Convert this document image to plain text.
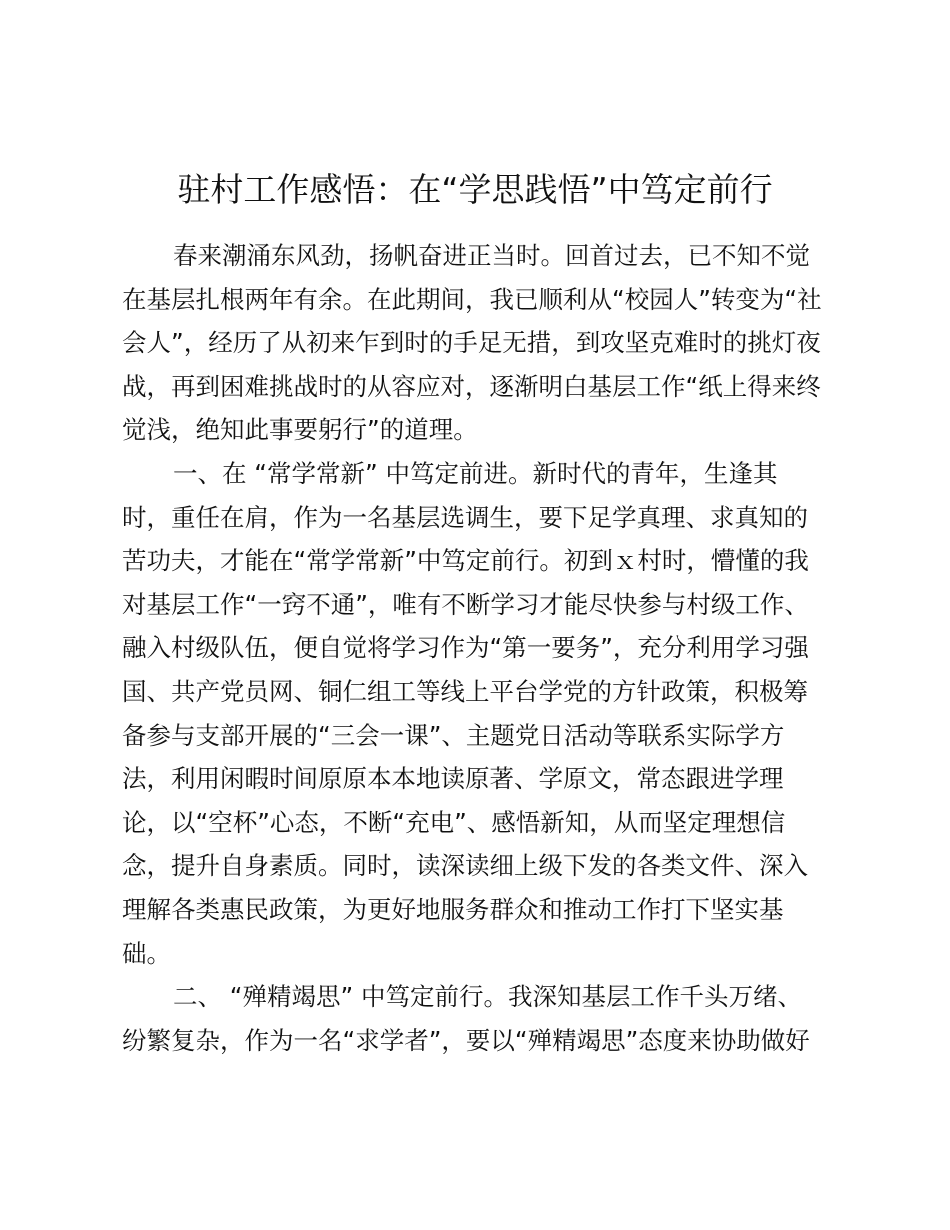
驻村工作感悟：在“学思践悟”中笃定前行
春来潮涌东风劲，扬帆奋进正当时。回首过去，已不知不觉
在基层扎根两年有余。在此期间，我已顺利从“校园人”转变为“社
会人”，经历了从初来乍到时的手足无措，到攻坚克难时的挑灯夜
战，再到困难挑战时的从容应对，逐渐明白基层工作“纸上得来终
觉浅，绝知此事要躬行”的道理。
一、在 “常学常新” 中笃定前进。新时代的青年，生逢其
时，重任在肩，作为一名基层选调生，要下足学真理、求真知的
苦功夫，才能在“常学常新”中笃定前行。初到ｘ村时，懵懂的我
对基层工作“一窍不通”，唯有不断学习才能尽快参与村级工作、
融入村级队伍，便自觉将学习作为“第一要务”，充分利用学习强
国、共产党员网、铜仁组工等线上平台学党的方针政策，积极筹
备参与支部开展的“三会一课”、主题党日活动等联系实际学方
法，利用闲暇时间原原本本地读原著、学原文，常态跟进学理
论，以“空杯”心态，不断“充电”、感悟新知，从而坚定理想信
念，提升自身素质。同时，读深读细上级下发的各类文件、深入
理解各类惠民政策，为更好地服务群众和推动工作打下坚实基
础。
二、 “殚精竭思” 中笃定前行。我深知基层工作千头万绪、
纷繁复杂，作为一名“求学者”，要以“殚精竭思”态度来协助做好
